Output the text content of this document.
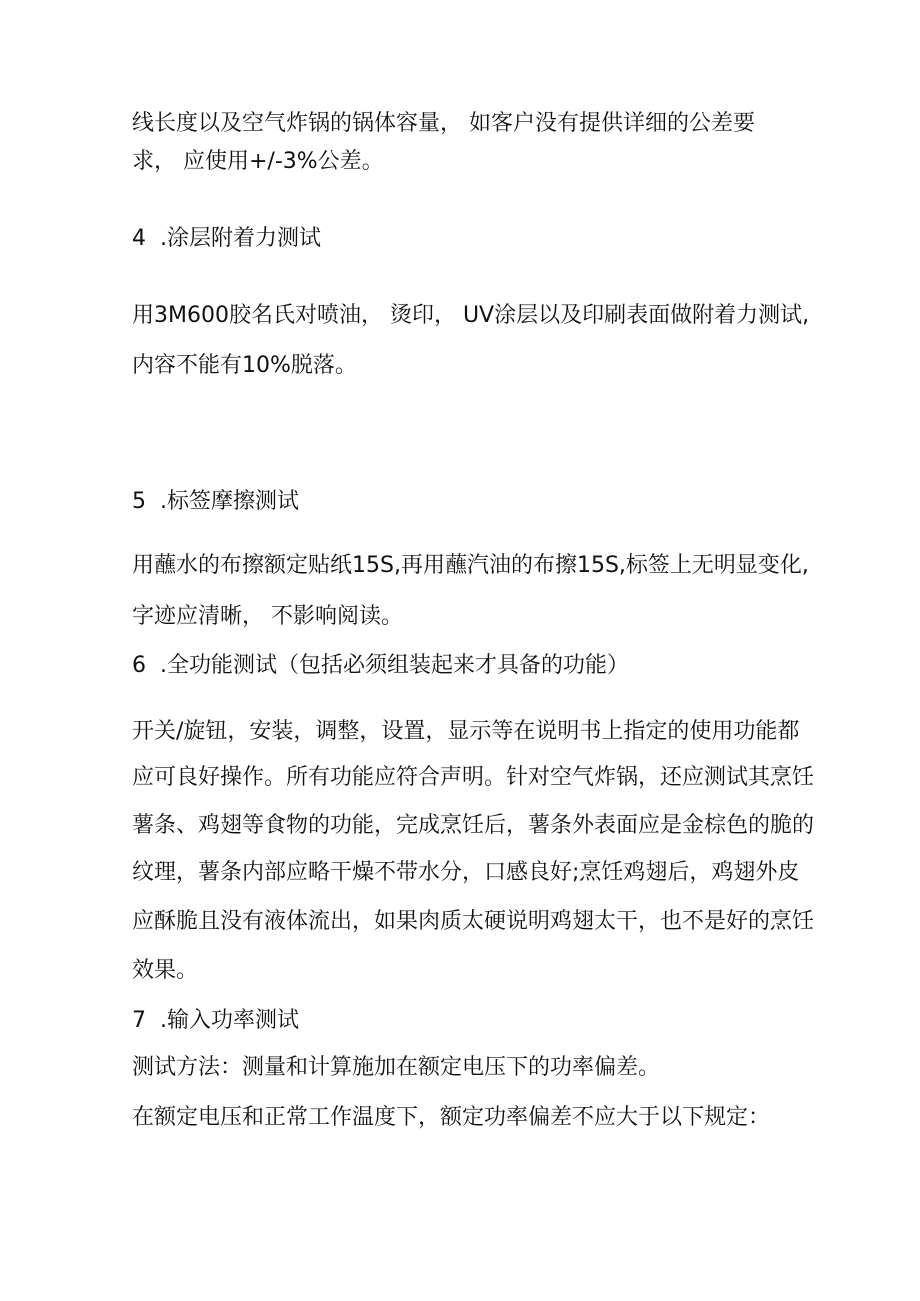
线长度以及空气炸锅的锅体容量， 如客户没有提供详细的公差要
求， 应使用+/-3%公差。
4 .涂层附着力测试
用3M600胶名氏对喷油， 烫印， UV涂层以及印刷表面做附着力测试,
内容不能有10%脱落。
5 .标签摩擦测试
用蘸水的布擦额定贴纸15S,再用蘸汽油的布擦15S,标签上无明显变化,
字迹应清晰， 不影响阅读。
6 .全功能测试（包括必须组装起来才具备的功能）
开关/旋钮，安装，调整，设置，显示等在说明书上指定的使用功能都
应可良好操作。所有功能应符合声明。针对空气炸锅，还应测试其烹饪
薯条、鸡翅等食物的功能，完成烹饪后，薯条外表面应是金棕色的脆的
纹理，薯条内部应略干燥不带水分，口感良好;烹饪鸡翅后，鸡翅外皮
应酥脆且没有液体流出，如果肉质太硬说明鸡翅太干，也不是好的烹饪
效果。
7 .输入功率测试
测试方法：测量和计算施加在额定电压下的功率偏差。
在额定电压和正常工作温度下，额定功率偏差不应大于以下规定：
